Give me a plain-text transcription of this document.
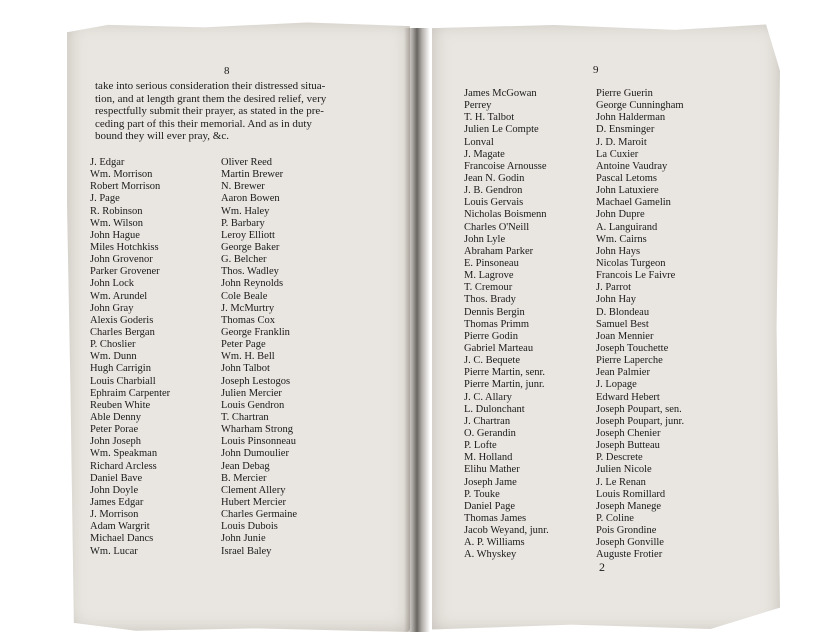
8	9

take into serious consideration their distressed situa-
tion, and at length grant them the desired relief, very
respectfully submit their prayer, as stated in the pre-
ceding part of this their memorial. And as in duty
bound they will ever pray, &c.

J. Edgar
Wm. Morrison
Robert Morrison
J. Page
R. Robinson
Wm. Wilson
John Hague
Miles Hotchkiss
John Grovenor
Parker Grovener
John Lock
Wm. Arundel
John Gray
Alexis Goderis
Charles Bergan
P. Choslier
Wm. Dunn
Hugh Carrigin
Louis Charbiall
Ephraim Carpenter
Reuben White
Able Denny
Peter Porae
John Joseph
Wm. Speakman
Richard Arcless
Daniel Bave
John Doyle
James Edgar
J. Morrison
Adam Wargrit
Michael Dancs
Wm. Lucar
Oliver Reed
Martin Brewer
N. Brewer
Aaron Bowen
Wm. Haley
P. Barbary
Leroy Elliott
George Baker
G. Belcher
Thos. Wadley
John Reynolds
Cole Beale
J. McMurtry
Thomas Cox
George Franklin
Peter Page
Wm. H. Bell
John Talbot
Joseph Lestogos
Julien Mercier
Louis Gendron
T. Chartran
Wharham Strong
Louis Pinsonneau
John Dumoulier
Jean Debag
B. Mercier
Clement Allery
Hubert Mercier
Charles Germaine
Louis Dubois
John Junie
Israel Baley
James McGowan
Perrey
T. H. Talbot
Julien Le Compte
Lonval
J. Magate
Francoise Arnousse
Jean N. Godin
J. B. Gendron
Louis Gervais
Nicholas Boismenn
Charles O'Neill
John Lyle
Abraham Parker
E. Pinsoneau
M. Lagrove
T. Cremour
Thos. Brady
Dennis Bergin
Thomas Primm
Pierre Godin
Gabriel Marteau
J. C. Bequete
Pierre Martin, senr.
Pierre Martin, junr.
J. C. Allary
L. Dulonchant
J. Chartran
O. Gerandin
P. Lofte
M. Holland
Elihu Mather
Joseph Jame
P. Touke
Daniel Page
Thomas James
Jacob Weyand, junr.
A. P. Williams
A. Whyskey
Pierre Guerin
George Cunningham
John Halderman
D. Ensminger
J. D. Maroit
La Cuxier
Antoine Vaudray
Pascal Letoms
John Latuxiere
Machael Gamelin
John Dupre
A. Languirand
Wm. Cairns
John Hays
Nicolas Turgeon
Francois Le Faivre
J. Parrot
John Hay
D. Blondeau
Samuel Best
Joan Mennier
Joseph Touchette
Pierre Laperche
Jean Palmier
J. Lopage
Edward Hebert
Joseph Poupart, sen.
Joseph Poupart, junr.
Joseph Chenier
Joseph Butteau
P. Descrete
Julien Nicole
J. Le Renan
Louis Romillard
Joseph Manege
P. Coline
Pois Grondine
Joseph Gonville
Auguste Frotier
2
